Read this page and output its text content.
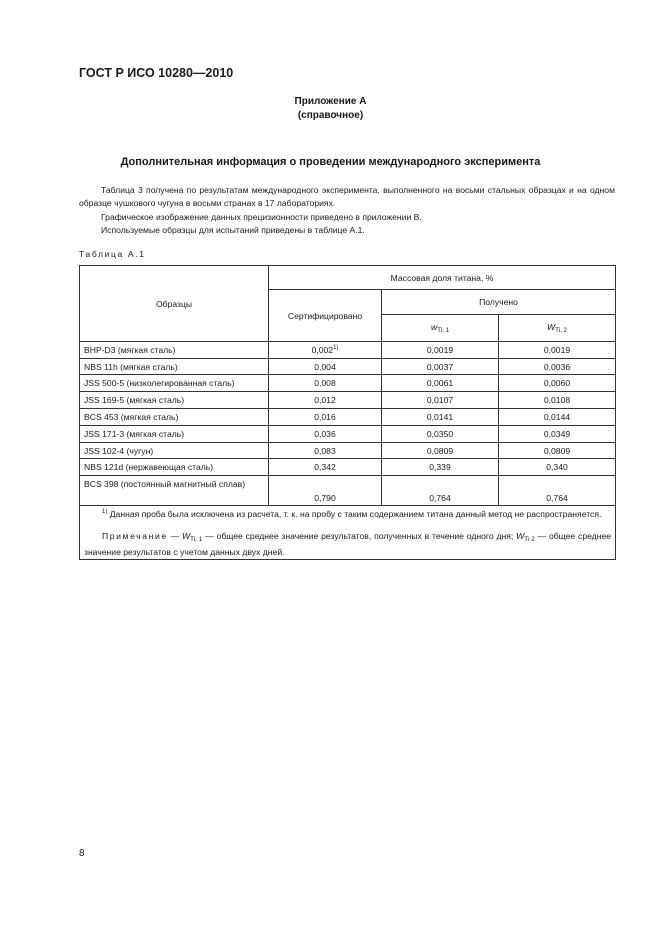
ГОСТ Р ИСО 10280—2010
Приложение А
(справочное)
Дополнительная информация о проведении международного эксперимента
Таблица 3 получена по результатам международного эксперимента, выполненного на восьми стальных образцах и на одном образце чушкового чугуна в восьми странах в 17 лабораториях.
Графическое изображение данных прецизионности приведено в приложении В.
Используемые образцы для испытаний приведены в таблице А.1.
Таблица А.1
Образцы	Массовая доля титана, %		
	Сертифицировано	Получено	
		$w_{Ti, 1}$	$W_{Ti, 2}$
BHP-D3 (мягкая сталь)	0,002$^{1)}$	0,0019	0,0019
NBS 11h (мягкая сталь)	0,004	0,0037	0,0036
JSS 500-5 (низколегированная сталь)	0,008	0,0061	0,0060
JSS 169-5 (мягкая сталь)	0,012	0,0107	0,0108
BCS 453 (мягкая сталь)	0,016	0,0141	0,0144
JSS 171-3 (мягкая сталь)	0,036	0,0350	0,0349
JSS 102-4 (чугун)	0,083	0,0809	0,0809
NBS 121d (нержавеющая сталь)	0,342	0,339	0,340
BCS 398 (постоянный магнитный сплав)	0,790	0,764	0,764

$^{1)}$ Данная проба была исключена из расчета, т. к. на пробу с таким содержанием титана данный метод не распространяется.
Примечание — $W_{Ti, 1}$ — общее среднее значение результатов, полученных в течение одного дня; $W_{Ti 2}$ — общее среднее значение результатов с учетом данных двух дней.			
8
